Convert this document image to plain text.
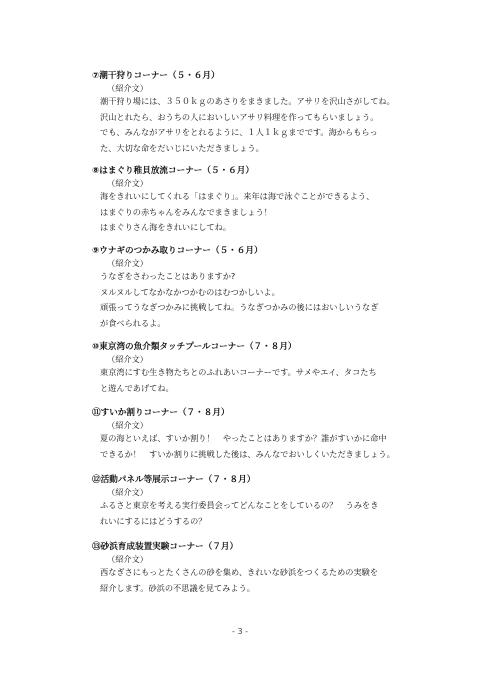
⑦潮干狩りコーナー（５・６月）
（紹介文）
潮干狩り場には、３５０ｋｇのあさりをまきました。アサリを沢山さがしてね。
沢山とれたら、おうちの人においしいアサリ料理を作ってもらいましょう。
でも、みんながアサリをとれるように、１人１ｋｇまでです。海からもらっ
た、大切な命をだいじにいただきましょう。
⑧はまぐり稚貝放流コーナー（５・６月）
（紹介文）
海をきれいにしてくれる「はまぐり」。来年は海で泳ぐことができるよう、
はまぐりの赤ちゃんをみんなでまきましょう！
はまぐりさん海をきれいにしてね。
⑨ウナギのつかみ取りコーナー（５・６月）
（紹介文）
うなぎをさわったことはありますか?
ヌルヌルしてなかなかつかむのはむつかしいよ。
頑張ってうなぎつかみに挑戦してね。うなぎつかみの後にはおいしいうなぎ
が食べられるよ。
⑩東京湾の魚介類タッチプールコーナー（７・８月）
（紹介文）
東京湾にすむ生き物たちとのふれあいコーナーです。サメやエイ、タコたち
と遊んであげてね。
⑪すいか割りコーナー（７・８月）
（紹介文）
夏の海といえば、すいか割り！　やったことはありますか？誰がすいかに命中
できるか！　すいか割りに挑戦した後は、みんなでおいしくいただきましょう。
⑫活動パネル等展示コーナー（７・８月）
（紹介文）
ふるさと東京を考える実行委員会ってどんなことをしているの？　うみをき
れいにするにはどうするの？
⑬砂浜育成装置実験コーナー（７月）
（紹介文）
西なぎさにもっとたくさんの砂を集め、きれいな砂浜をつくるための実験を
紹介します。砂浜の不思議を見てみよう。
- 3 -
